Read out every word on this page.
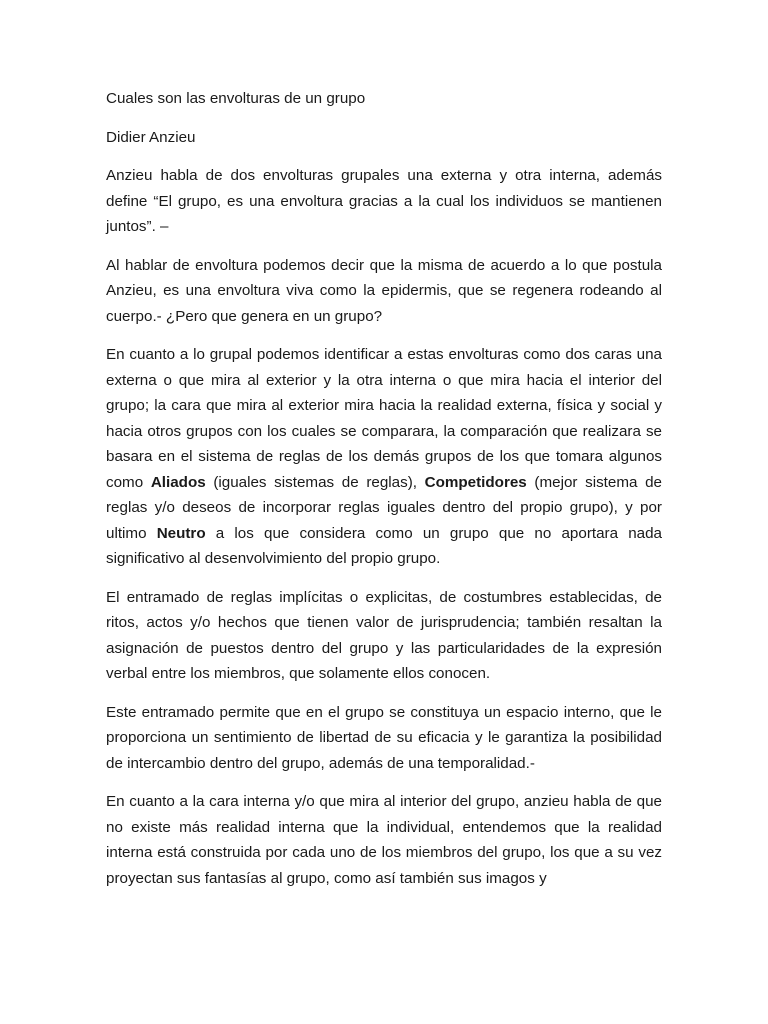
Cuales son las envolturas de un grupo

Didier Anzieu

Anzieu habla de dos envolturas grupales una externa y otra interna, además define “El grupo, es una envoltura gracias a la cual los individuos se mantienen juntos”. –

Al hablar de envoltura podemos decir que la misma de acuerdo a lo que postula Anzieu, es una envoltura viva como la epidermis, que se regenera rodeando al cuerpo.- ¿Pero que genera en un grupo?

En cuanto a lo grupal podemos identificar a estas envolturas como dos caras una externa o que mira al exterior y la otra interna o que mira hacia el interior del grupo; la cara que mira al exterior mira hacia la realidad externa, física y social y hacia otros grupos con los cuales se comparara, la comparación que realizara se basara en el sistema de reglas de los demás grupos de los que tomara algunos como Aliados (iguales sistemas de reglas), Competidores (mejor sistema de reglas y/o deseos de incorporar reglas iguales dentro del propio grupo), y por ultimo Neutro a los que considera como un grupo que no aportara nada significativo al desenvolvimiento del propio grupo.

El entramado de reglas implícitas o explicitas, de costumbres establecidas, de ritos, actos y/o hechos que tienen valor de jurisprudencia; también resaltan la asignación de puestos dentro del grupo y las particularidades de la expresión verbal entre los miembros, que solamente ellos conocen.

Este entramado permite que en el grupo se constituya un espacio interno, que le proporciona un sentimiento de libertad de su eficacia y le garantiza la posibilidad de intercambio dentro del grupo, además de una temporalidad.-

En cuanto a la cara interna y/o que mira al interior del grupo, anzieu habla de que no existe más realidad interna que la individual, entendemos que la realidad interna está construida por cada uno de los miembros del grupo, los que a su vez proyectan sus fantasías al grupo, como así también sus imagos y
